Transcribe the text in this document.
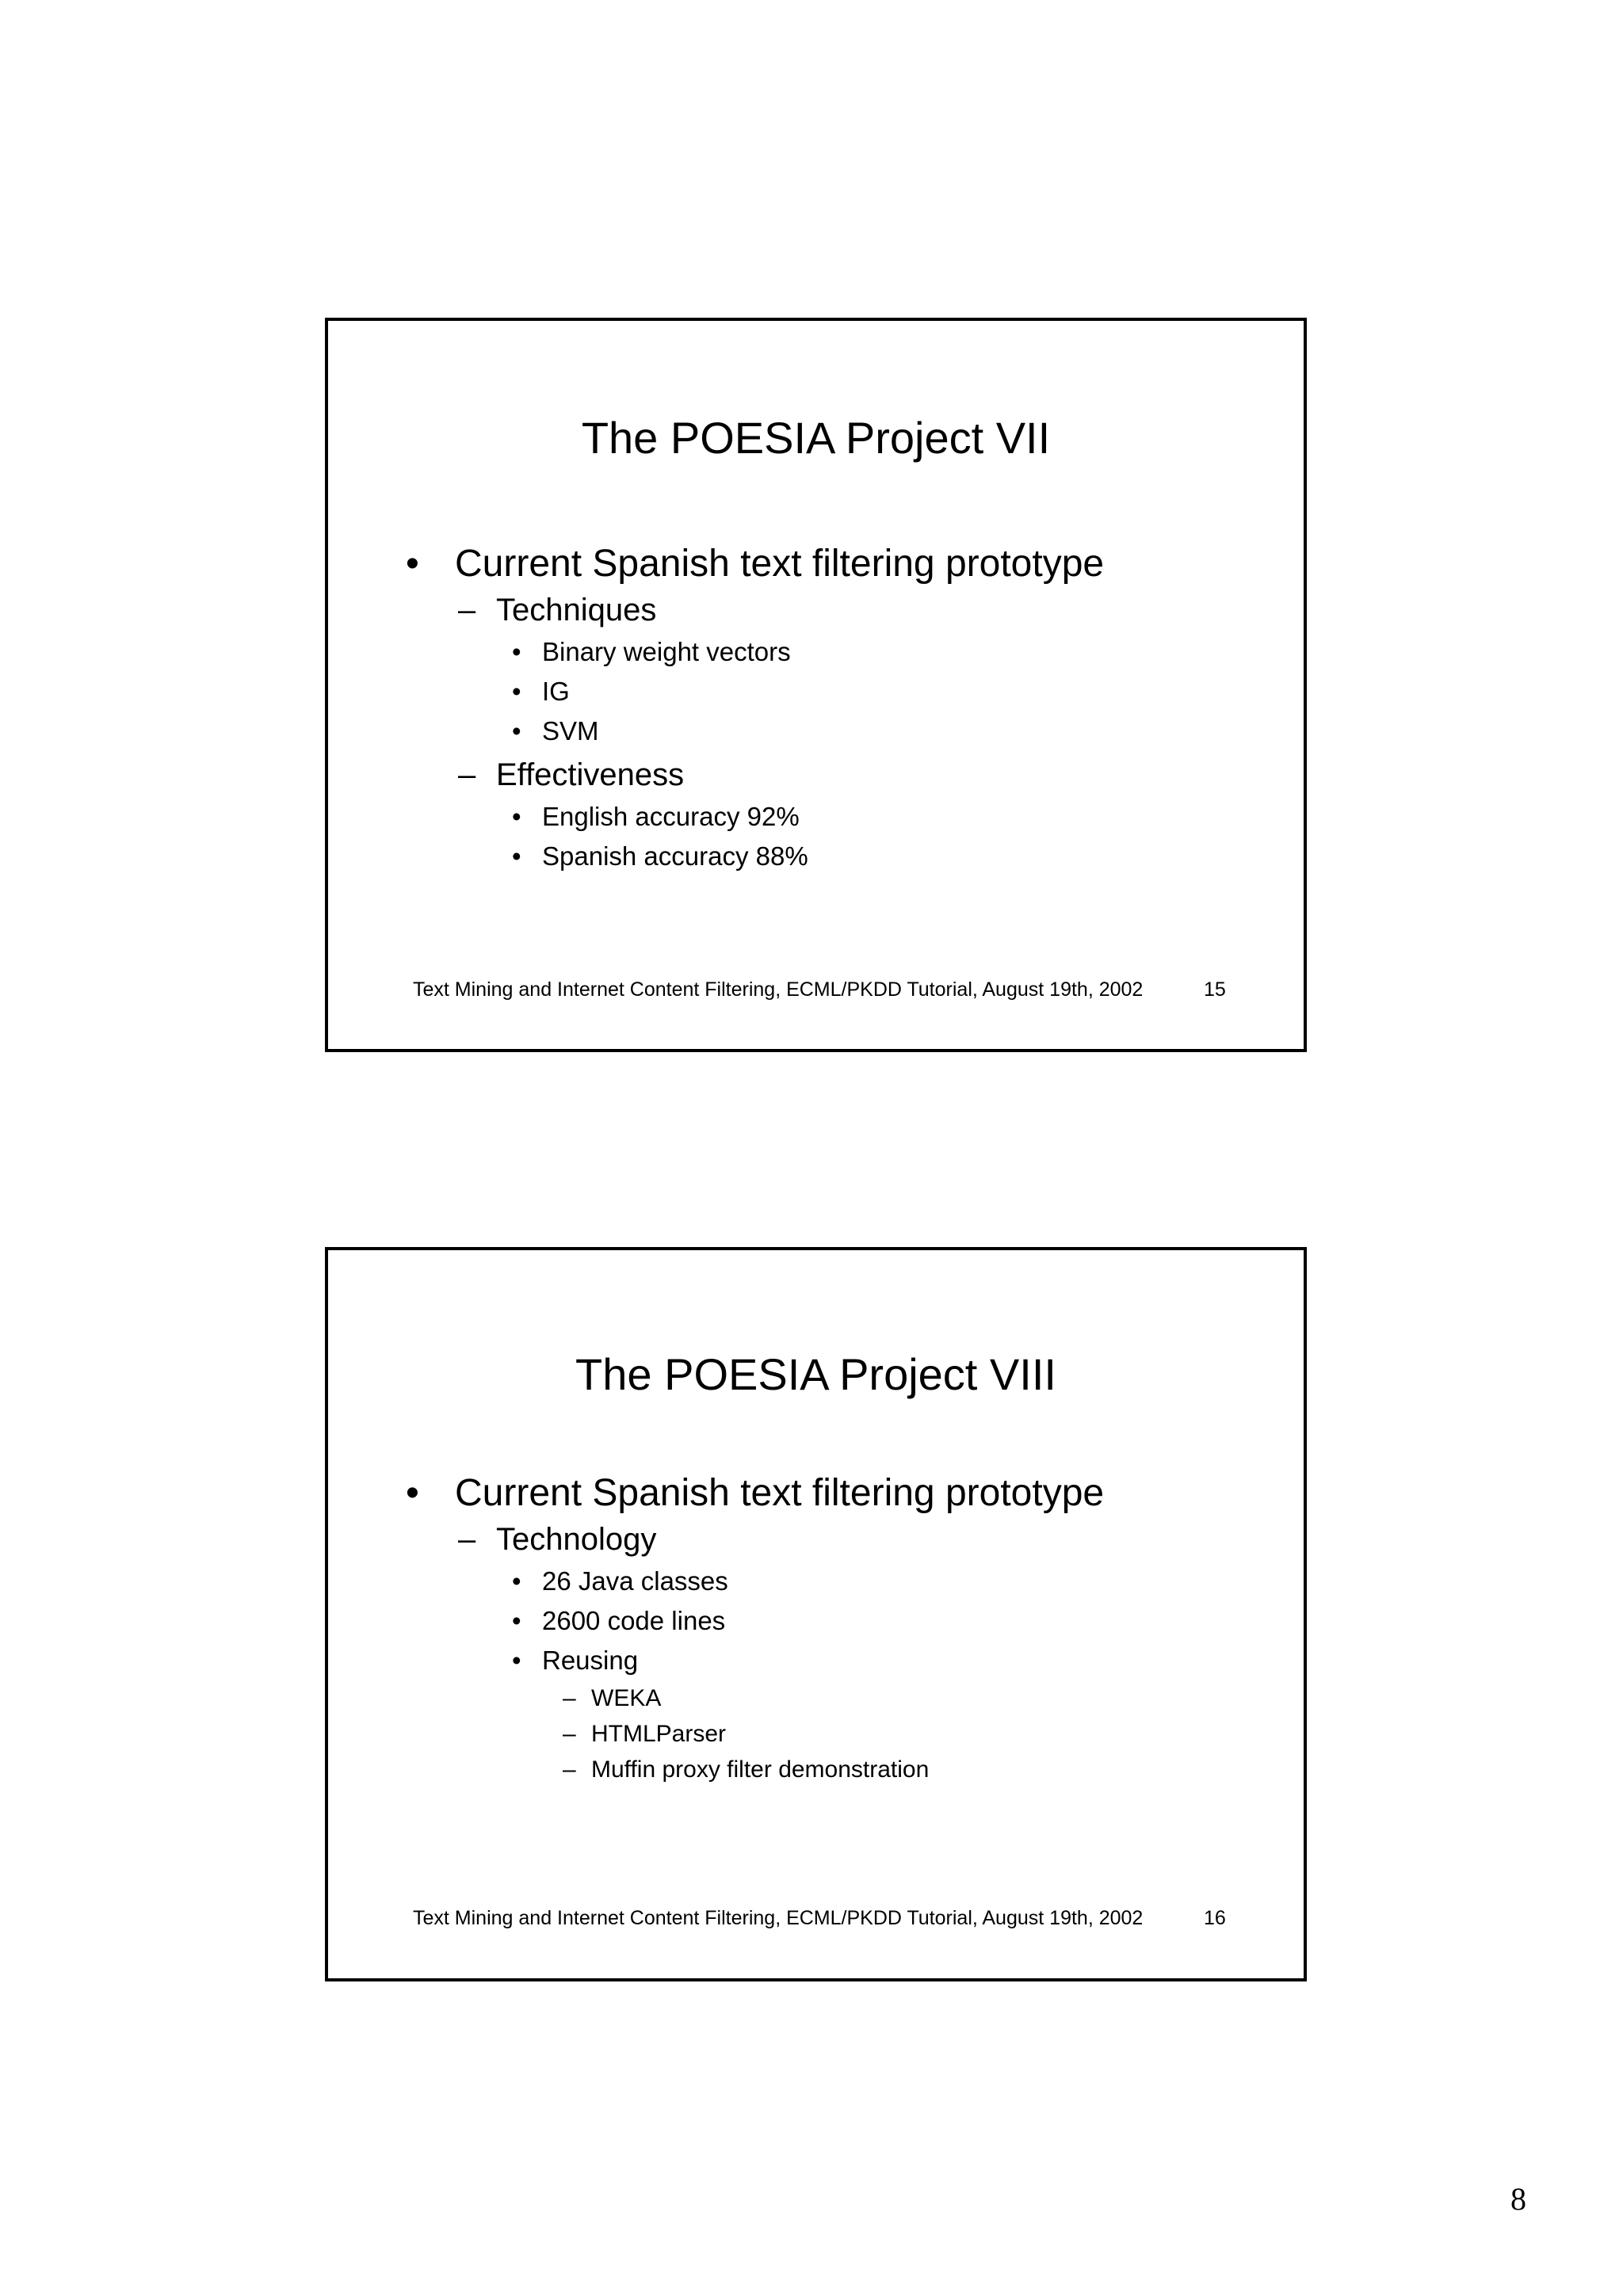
The POESIA Project VII
• Current Spanish text filtering prototype
– Techniques
• Binary weight vectors
• IG
• SVM
– Effectiveness
• English accuracy 92%
• Spanish accuracy 88%
Text Mining and Internet Content Filtering, ECML/PKDD Tutorial, August 19th, 2002	15
The POESIA Project VIII
• Current Spanish text filtering prototype
– Technology
• 26 Java classes
• 2600 code lines
• Reusing
– WEKA
– HTMLParser
– Muffin proxy filter demonstration
Text Mining and Internet Content Filtering, ECML/PKDD Tutorial, August 19th, 2002	16
8
